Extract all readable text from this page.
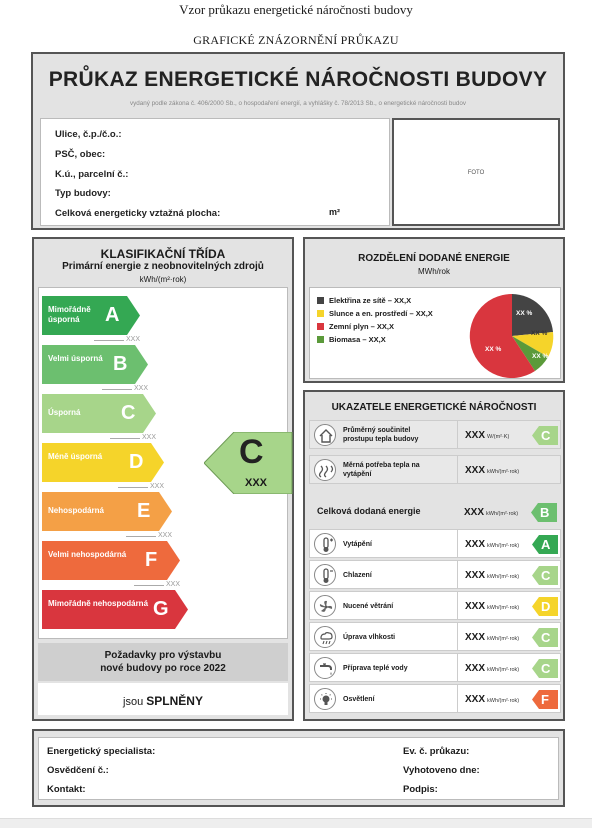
Vzor průkazu energetické náročnosti budovy
GRAFICKÉ ZNÁZORNĚNÍ PRŮKAZU
PRŮKAZ ENERGETICKÉ NÁROČNOSTI BUDOVY
vydaný podle zákona č. 406/2000 Sb., o hospodaření energií, a vyhlášky č. 78/2013 Sb., o energetické náročnosti budov
Ulice, č.p./č.o.:
PSČ, obec:
K.ú., parcelní č.:
Typ budovy:
Celková energeticky vztažná plocha:	m²
FOTO
KLASIFIKAČNÍ TŘÍDA
Primární energie z neobnovitelných zdrojů
kWh/(m²·rok)
Mimořádně úsporná	A
XXX
Velmi úsporná B
XXX
Úsporná	C
XXX
Méně úsporná	D
XXX
Nehospodárná	E
XXX
Velmi nehospodárná F
XXX
Mimořádně nehospodárná G
C
XXX
Požadavky pro výstavbu
nové budovy po roce 2022
jsou SPLNĚNY
ROZDĚLENÍ DODANÉ ENERGIE
MWh/rok
Elektřina ze sítě – XX,X
Slunce a en. prostředí – XX,X
Zemní plyn – XX,X
Biomasa – XX,X
XX %
XX %
XX %
XX %
UKAZATELE ENERGETICKÉ NÁROČNOSTI
Průměrný součinitel prostupu tepla budovy	XXX W/(m²·K) C
Měrná potřeba tepla na vytápění	XXX kWh/(m²·rok)
Celková dodaná energie	XXX kWh/(m²·rok) B
Vytápění	XXX kWh/(m²·rok) A
Chlazení	XXX kWh/(m²·rok) C
Nucené větrání	XXX kWh/(m²·rok) D
Úprava vlhkosti	XXX kWh/(m²·rok) C
Příprava teplé vody	XXX kWh/(m²·rok) C
Osvětlení	XXX kWh/(m²·rok) F
Energetický specialista:
Osvědčení č.:
Kontakt:
Ev. č. průkazu:
Vyhotoveno dne:
Podpis:
